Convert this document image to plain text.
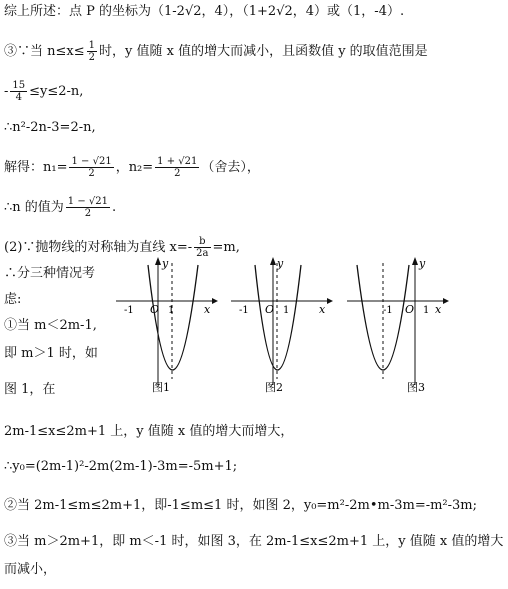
综上所述：点 P 的坐标为（1-2√2，4），（1+2√2，4）或（1，-4）.
③∵当 $n\le x\le \frac{1}{2}$ 时，y 值随 x 值的增大而减小，且函数值 y 的取值范围是
- $\frac{15}{4} \le y\le 2-n$,
∴n²-2n-3=2-n,
解得：$n_1= \frac{1 - √21}{2}$ ，$n_2= \frac{1 + √21}{2}$ （舍去），
∴n 的值为 $\frac{1 - √21}{2}$ .
(2)∵抛物线的对称轴为直线 $x=- \frac{b}{2a} =m$,
∴分三种情况考
虑:
①当 m＜2m-1,
即 m＞1 时，如
图 1，在
y
x
-1 O 1
图1
y
x
-1 O 1
图2
y
x
-1 O 1
图3
2m-1≤x≤2m+1 上，y 值随 x 值的增大而增大，
∴y₀=(2m-1)²-2m(2m-1)-3m=-5m+1;
②当 2m-1≤m≤2m+1，即-1≤m≤1 时，如图 2，y₀=m²-2m•m-3m=-m²-3m;
③当 m＞2m+1，即 m＜-1 时，如图 3，在 2m-1≤x≤2m+1 上，y 值随 x 值的增大
而减小，
